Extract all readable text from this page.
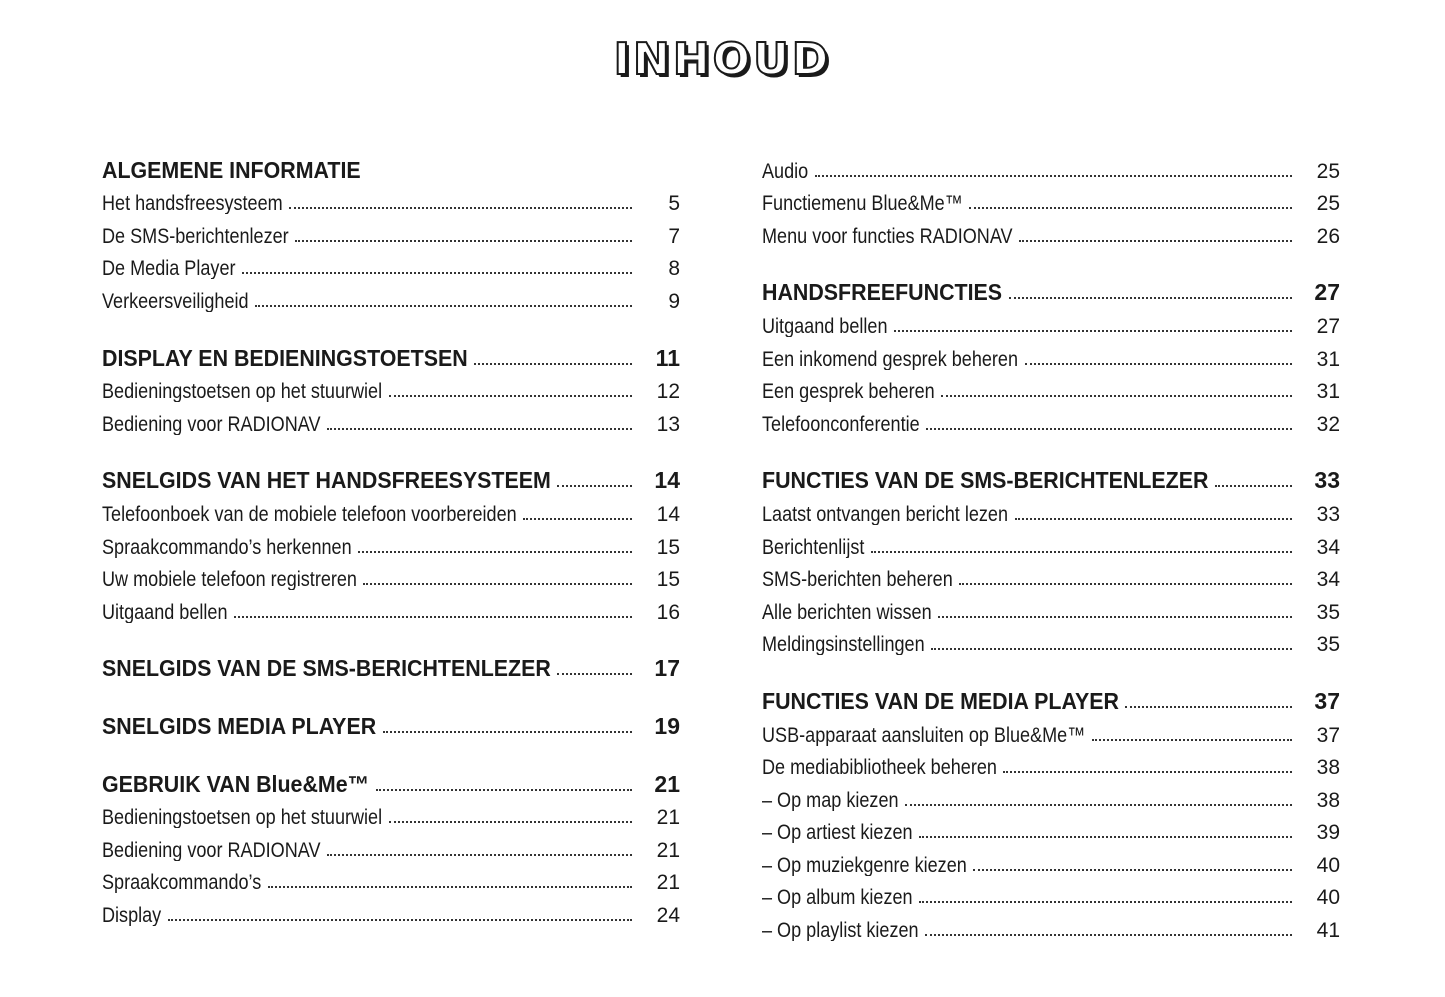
INHOUD
ALGEMENE INFORMATIE
Het handsfreesysteem	5
De SMS-berichtenlezer	7
De Media Player	8
Verkeersveiligheid	9
DISPLAY EN BEDIENINGSTOETSEN	11
Bedieningstoetsen op het stuurwiel	12
Bediening voor RADIONAV	13
SNELGIDS VAN HET HANDSFREESYSTEEM	14
Telefoonboek van de mobiele telefoon voorbereiden	14
Spraakcommando’s herkennen	15
Uw mobiele telefoon registreren	15
Uitgaand bellen	16
SNELGIDS VAN DE SMS-BERICHTENLEZER	17
SNELGIDS MEDIA PLAYER	19
GEBRUIK VAN Blue&Me™	21
Bedieningstoetsen op het stuurwiel	21
Bediening voor RADIONAV	21
Spraakcommando’s	21
Display	24
Audio	25
Functiemenu Blue&Me™	25
Menu voor functies RADIONAV	26
HANDSFREEFUNCTIES	27
Uitgaand bellen	27
Een inkomend gesprek beheren	31
Een gesprek beheren	31
Telefoonconferentie	32
FUNCTIES VAN DE SMS-BERICHTENLEZER	33
Laatst ontvangen bericht lezen	33
Berichtenlijst	34
SMS-berichten beheren	34
Alle berichten wissen	35
Meldingsinstellingen	35
FUNCTIES VAN DE MEDIA PLAYER	37
USB-apparaat aansluiten op Blue&Me™	37
De mediabibliotheek beheren	38
– Op map kiezen	38
– Op artiest kiezen	39
– Op muziekgenre kiezen	40
– Op album kiezen	40
– Op playlist kiezen	41
